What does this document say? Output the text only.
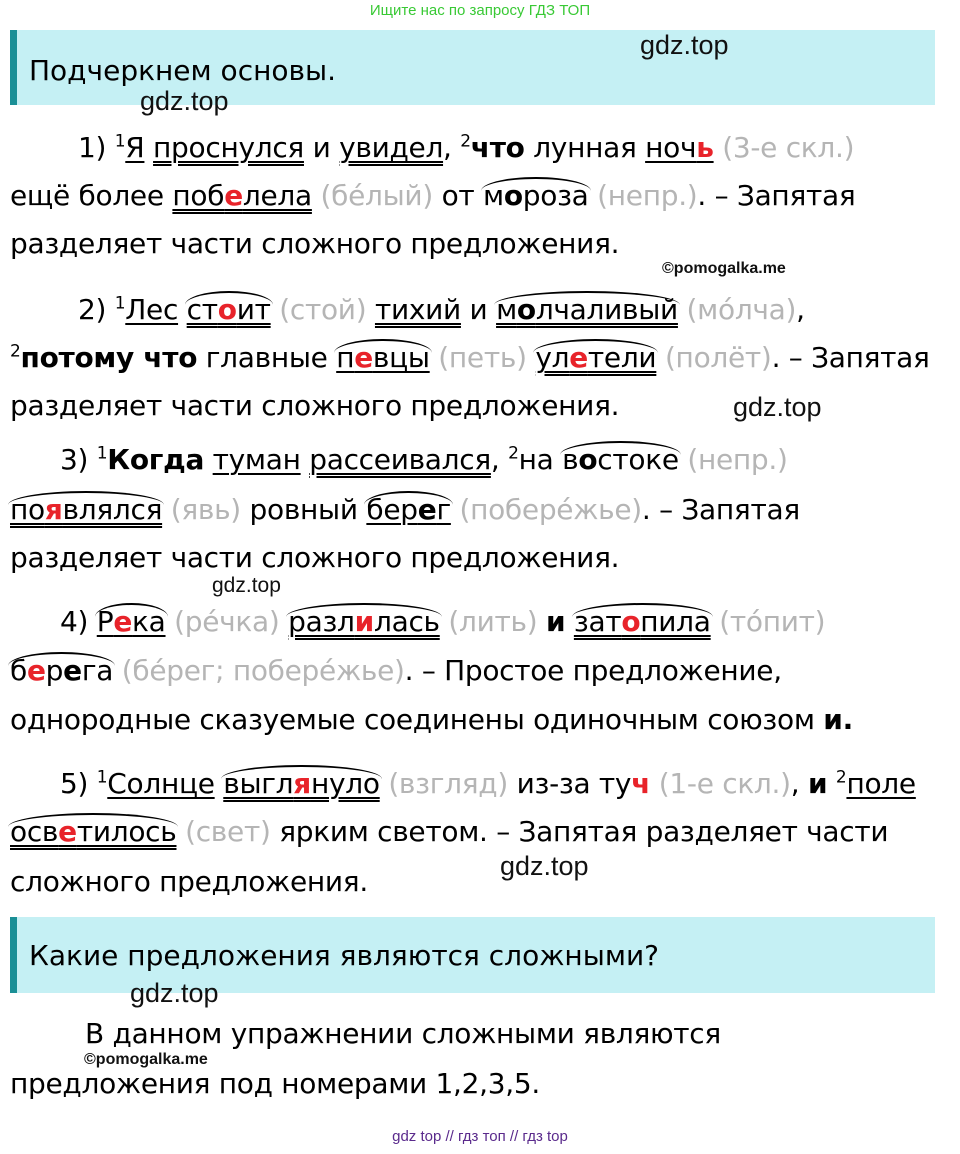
Ищите нас по запросу ГДЗ ТОП
Подчеркнем основы.
gdz.top
gdz.top
1) $^1$Я проснулся и увидел, $^2$что лунная ночь (3-е скл.)
ещё более побелела (бе́лый) от мороза (непр.). – Запятая
разделяет части сложного предложения.
©pomogalka.me
2) $^1$Лес стоит (стой) тихий и молчаливый (мо́лча),
$^2$потому что главные певцы (петь) улетели (полёт). – Запятая
разделяет части сложного предложения.	gdz.top
3) $^1$Когда туман рассеивался, $^2$на востоке (непр.)
появлялся (явь) ровный берег (побере́жье). – Запятая
разделяет части сложного предложения.
gdz.top
4) Река (ре́чка) разлилась (лить) и затопила (то́пит)
берега (бе́рег; побере́жье). – Простое предложение,
однородные сказуемые соединены одиночным союзом и.
5) $^1$Солнце выглянуло (взгляд) из-за туч (1-е скл.), и $^2$поле
осветилось (свет) ярким светом. – Запятая разделяет части
gdz.top
сложного предложения.
Какие предложения являются сложными?
gdz.top
В данном упражнении сложными являются
©pomogalka.me
предложения под номерами 1,2,3,5.
gdz top // гдз топ // гдз top
